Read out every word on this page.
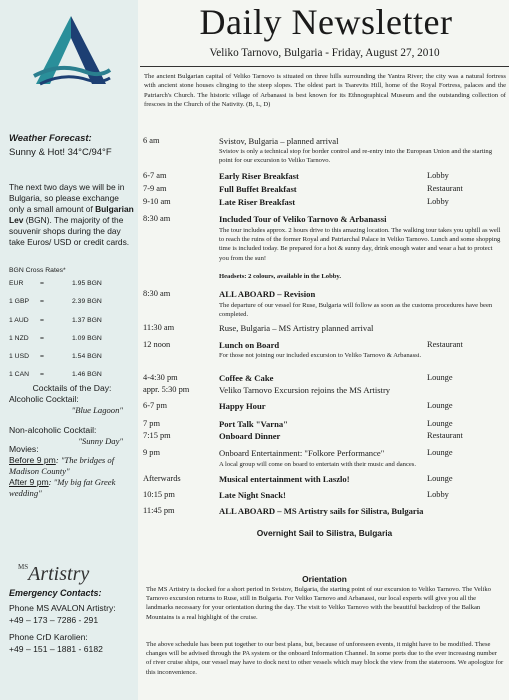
Weather Forecast:
Sunny & Hot! 34°C/94°F
The next two days we will be in Bulgaria, so please exchange only a small amount of Bulgarian Lev (BGN). The majority of the souvenir shops during the day take Euros/ USD or credit cards.
BGN Cross Rates*
EUR	=	1.95 BGN
1 GBP	=	2.39 BGN
1 AUD	=	1.37 BGN
1 NZD	=	1.09 BGN
1 USD	=	1.54 BGN
1 CAN	=	1.46 BGN
Cocktails of the Day:
Alcoholic Cocktail:
"Blue Lagoon"
Non-alcoholic Cocktail:
"Sunny Day"
Movies:
Before 9 pm: "The bridges of Madison County"
After 9 pm: "My big fat Greek wedding"
$^{MS}$Artistry
Emergency Contacts:
Phone MS AVALON Artistry:
+49 – 173 – 7286 - 291
Phone CrD Karolien:
+49 – 151 – 1881 - 6182
Daily Newsletter
Veliko Tarnovo, Bulgaria - Friday, August 27, 2010
The ancient Bulgarian capital of Veliko Tarnovo is situated on three hills surrounding the Yantra River; the city was a natural fortress with ancient stone houses clinging to the steep slopes. The oldest part is Tsarevits Hill, home of the Royal Fortress, palaces and the Patriarch's Church. The historic village of Arbanassi is best known for its Ethnographical Museum and the outstanding collection of frescoes in the Church of the Nativity. (B, L, D)
6 am	Svistov, Bulgaria – planned arrival
Svistov is only a technical stop for border control and re-entry into the European Union and the starting point for our excursion to Veliko Tarnovo.
6-7 am	Early Riser Breakfast	Lobby
7-9 am	Full Buffet Breakfast	Restaurant
9-10 am	Late Riser Breakfast	Lobby
8:30 am	Included Tour of Veliko Tarnovo & Arbanassi
The tour includes approx. 2 hours drive to this amazing location. The walking tour takes you uphill as well to reach the ruins of the former Royal and Patriarchal Palace in Veliko Tarnovo. Lunch and some shopping time is included today. Be prepared for a hot & sunny day, drink enough water and wear a hat to protect you from the sun!
Headsets: 2 colours, available in the Lobby.
8:30 am	ALL ABOARD – Revision
The departure of our vessel for Ruse, Bulgaria will follow as soon as the customs procedures have been completed.
11:30 am	Ruse, Bulgaria – MS Artistry planned arrival
12 noon	Lunch on Board	Restaurant
For those not joining our included excursion to Veliko Tarnovo & Arbanassi.
4-4:30 pm	Coffee & Cake	Lounge
appr. 5:30 pm	Veliko Tarnovo Excursion rejoins the MS Artistry
6-7 pm	Happy Hour	Lounge
7 pm	Port Talk "Varna"	Lounge
7:15 pm	Onboard Dinner	Restaurant
9 pm	Onboard Entertainment: "Folkore Performance"	Lounge
A local group will come on board to entertain with their music and dances.
Afterwards	Musical entertainment with Laszlo!	Lounge
10:15 pm	Late Night Snack!	Lobby
11:45 pm	ALL ABOARD – MS Artistry sails for Silistra, Bulgaria
Overnight Sail to Silistra, Bulgaria
Orientation
The MS Artistry is docked for a short period in Svistov, Bulgaria, the starting point of our excursion to Veliko Tarnovo. The Veliko Tarnovo excursion returns to Ruse, still in Bulgaria. For Veliko Tarnovo and Arbanassi, our local experts will give you all the landmarks necessary for your orientation during the day. The visit to Veliko Tarnovo with the beautiful backdrop of the Balkan Mountains is a real highlight of the cruise.
The above schedule has been put together to our best plans, but, because of unforeseen events, it might have to be modified. These changes will be advised through the PA system or the onboard Information Channel. In some ports due to the ever increasing number of river cruise ships, our vessel may have to dock next to other vessels which may block the view from the stateroom. We apologize for this inconvenience.
